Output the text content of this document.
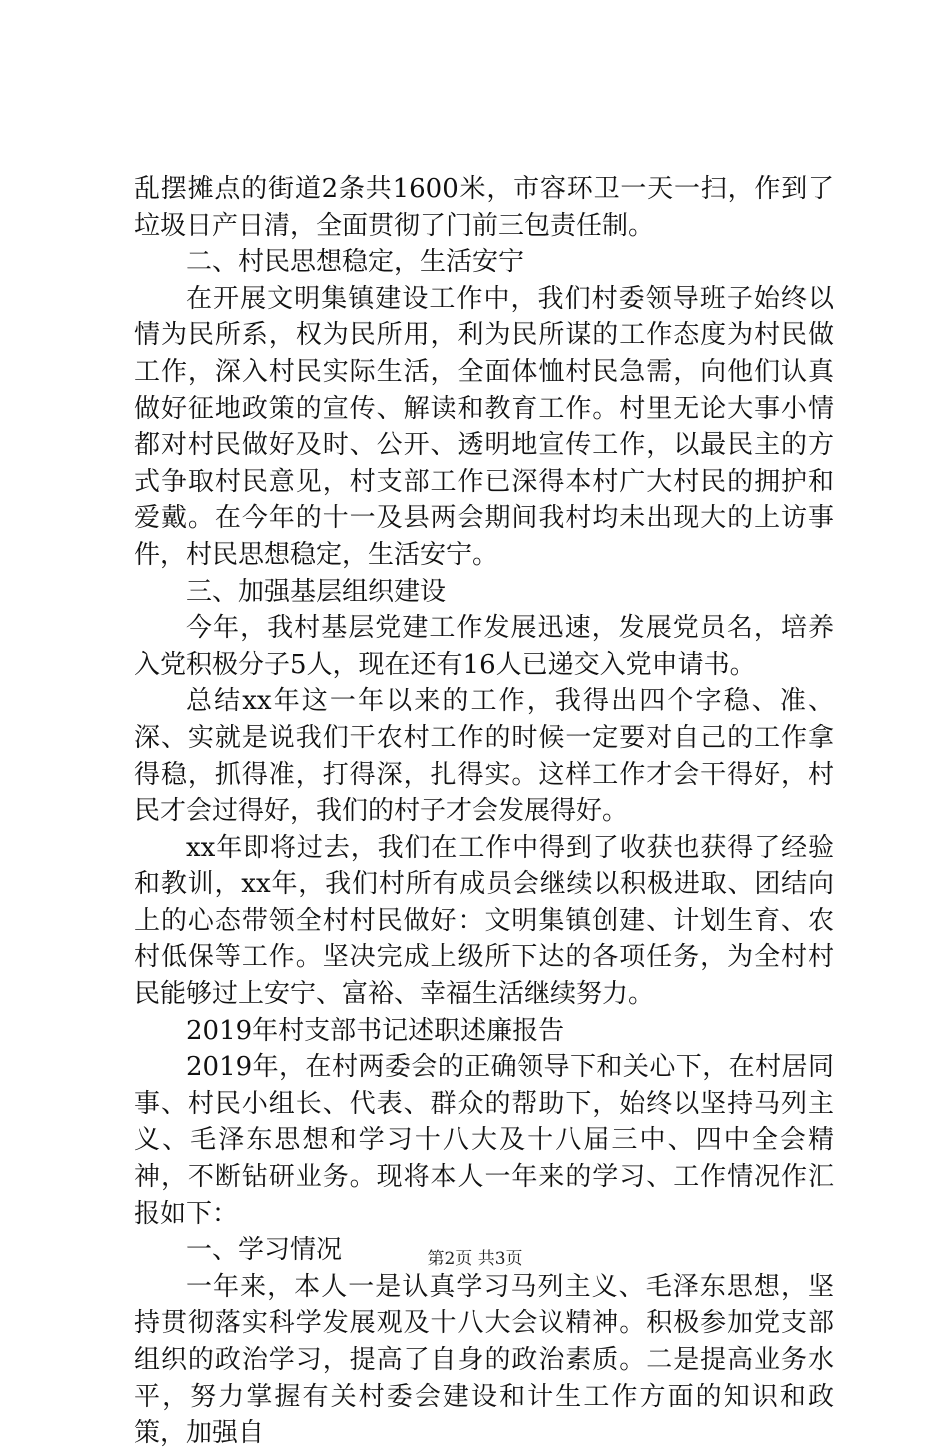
乱摆摊点的街道2条共1600米，市容环卫一天一扫，作到了垃圾日产日清，全面贯彻了门前三包责任制。

二、村民思想稳定，生活安宁

在开展文明集镇建设工作中，我们村委领导班子始终以情为民所系，权为民所用，利为民所谋的工作态度为村民做工作，深入村民实际生活，全面体恤村民急需，向他们认真做好征地政策的宣传、解读和教育工作。村里无论大事小情都对村民做好及时、公开、透明地宣传工作，以最民主的方式争取村民意见，村支部工作已深得本村广大村民的拥护和爱戴。在今年的十一及县两会期间我村均未出现大的上访事件，村民思想稳定，生活安宁。

三、加强基层组织建设

今年，我村基层党建工作发展迅速，发展党员名，培养入党积极分子5人，现在还有16人已递交入党申请书。

总结xx年这一年以来的工作，我得出四个字稳、准、深、实就是说我们干农村工作的时候一定要对自己的工作拿得稳，抓得准，打得深，扎得实。这样工作才会干得好，村民才会过得好，我们的村子才会发展得好。

xx年即将过去，我们在工作中得到了收获也获得了经验和教训，xx年，我们村所有成员会继续以积极进取、团结向上的心态带领全村村民做好：文明集镇创建、计划生育、农村低保等工作。坚决完成上级所下达的各项任务，为全村村民能够过上安宁、富裕、幸福生活继续努力。

2019年村支部书记述职述廉报告

2019年，在村两委会的正确领导下和关心下，在村居同事、村民小组长、代表、群众的帮助下，始终以坚持马列主义、毛泽东思想和学习十八大及十八届三中、四中全会精神，不断钻研业务。现将本人一年来的学习、工作情况作汇报如下：

一、学习情况

一年来，本人一是认真学习马列主义、毛泽东思想，坚持贯彻落实科学发展观及十八大会议精神。积极参加党支部组织的政治学习，提高了自身的政治素质。二是提高业务水平，努力掌握有关村委会建设和计生工作方面的知识和政策，加强自

第2页 共3页
